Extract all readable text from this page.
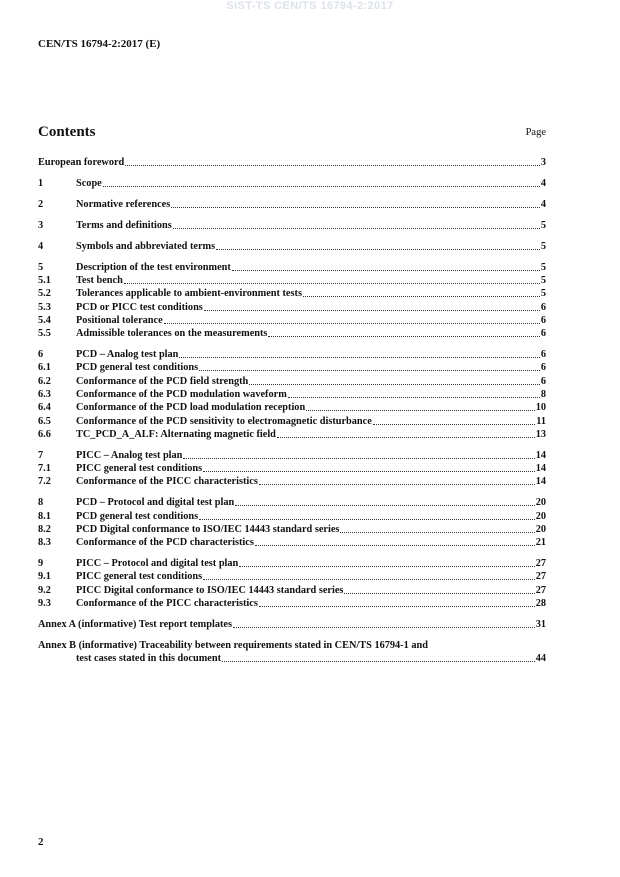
SIST-TS CEN/TS 16794-2:2017
CEN/TS 16794-2:2017 (E)
Contents	Page
European foreword	3
1	Scope	4
2	Normative references	4
3	Terms and definitions	5
4	Symbols and abbreviated terms	5
5	Description of the test environment	5
5.1	Test bench	5
5.2	Tolerances applicable to ambient-environment tests	5
5.3	PCD or PICC test conditions	6
5.4	Positional tolerance	6
5.5	Admissible tolerances on the measurements	6
6	PCD – Analog test plan	6
6.1	PCD general test conditions	6
6.2	Conformance of the PCD field strength	6
6.3	Conformance of the PCD modulation waveform	8
6.4	Conformance of the PCD load modulation reception	10
6.5	Conformance of the PCD sensitivity to electromagnetic disturbance	11
6.6	TC_PCD_A_ALF: Alternating magnetic field	13
7	PICC – Analog test plan	14
7.1	PICC general test conditions	14
7.2	Conformance of the PICC characteristics	14
8	PCD – Protocol and digital test plan	20
8.1	PCD general test conditions	20
8.2	PCD Digital conformance to ISO/IEC 14443 standard series	20
8.3	Conformance of the PCD characteristics	21
9	PICC – Protocol and digital test plan	27
9.1	PICC general test conditions	27
9.2	PICC Digital conformance to ISO/IEC 14443 standard series	27
9.3	Conformance of the PICC characteristics	28
Annex A (informative) Test report templates	31
Annex B (informative) Traceability between requirements stated in CEN/TS 16794-1 and
test cases stated in this document	44
2
